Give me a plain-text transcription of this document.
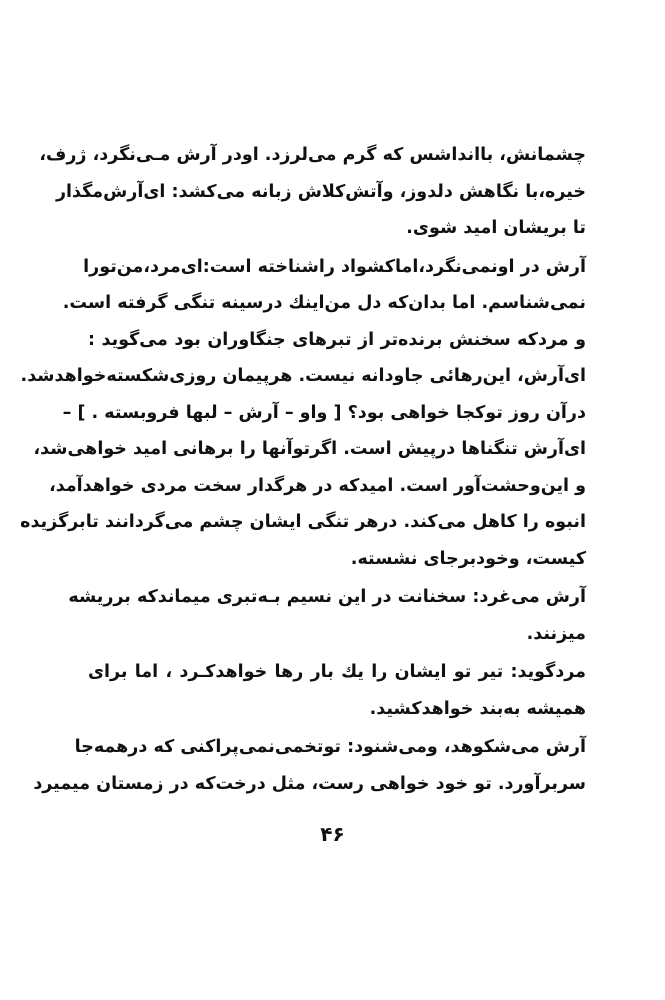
چشمانش، باانداشس که گرم می‌لرزد. اودر آرش مـی‌نگرد، ژرف،
خیره،با نگاهش دلدوز، وآتش‌کلاش زبانه می‌کشد: ای‌آرش‌مگذار
تا بریشان امید شوی.
آرش در اونمی‌نگرد،اماکشواد راشناخته است:ای‌مرد،من‌تورا
نمی‌شناسم. اما بدان‌که دل من‌اینك درسینه تنگی گرفته است.
و مردکه سخنش برنده‌تر از تبرهای جنگاوران بود می‌گوید :
ای‌آرش، این‌رهائی جاودانه نیست. هرپیمان روزی‌شکسته‌خواهدشد.
درآن روز توکجا خواهی بود؟ [ واو – آرش – لبها فروبسته . ] –
ای‌آرش تنگناها درپیش است. اگرتوآنها را برهانی امید خواهی‌شد،
و این‌وحشت‌آور است. امیدکه در هرگدار سخت مردی خواهدآمد،
انبوه را کاهل می‌کند. درهر تنگی ایشان چشم می‌گردانند تابرگزیده
کیست، وخودبرجای نشسته.
آرش می‌غرد: سخنانت در این نسیم بـه‌تبری میماندکه برریشه
میزنند.
مردگوید: تیر تو ایشان را یك بار رها خواهدکـرد ، اما برای
همیشه به‌بند خواهدکشید.
آرش می‌شکوهد، ومی‌شنود: توتخمی‌نمی‌پراکنی که درهمه‌جا
سربرآورد. تو خود خواهی رست، مثل درخت‌که در زمستان میمیرد
۴۶
